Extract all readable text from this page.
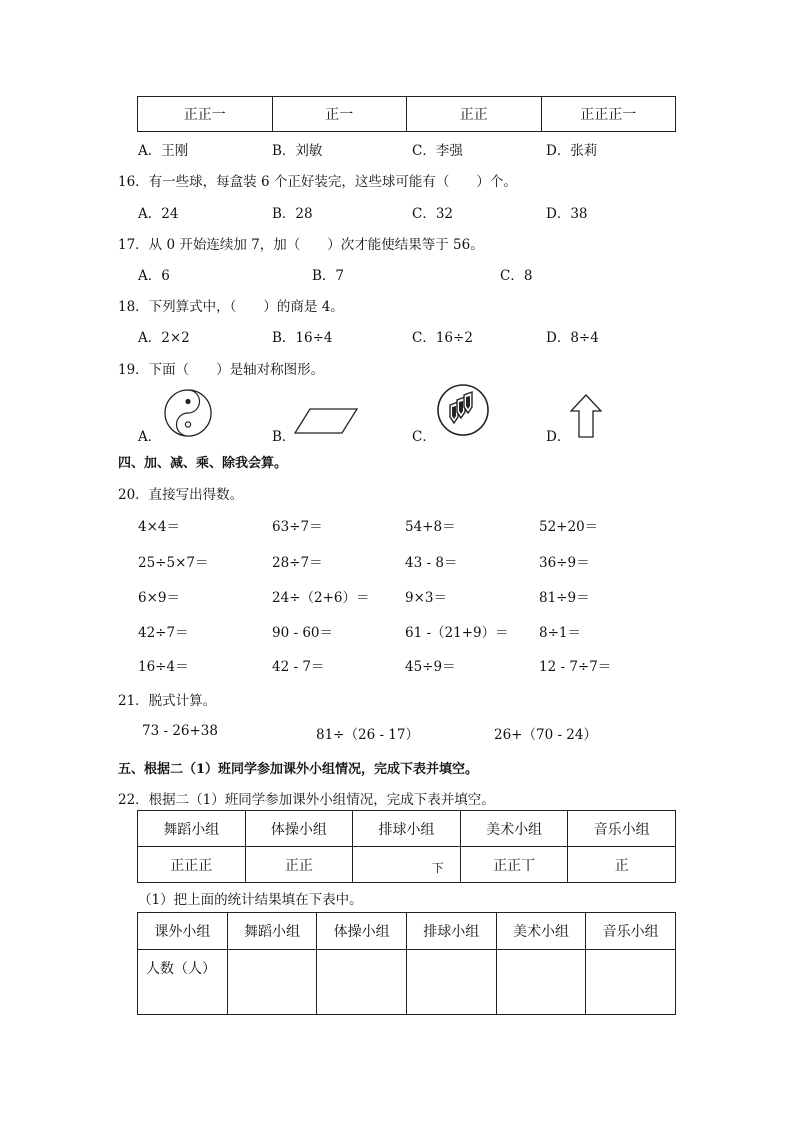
正正一	正一	正正	正正正一
A．王刚	B．刘敏	C．李强	D．张莉
16．有一些球，每盒装 6 个正好装完，这些球可能有（　　）个。
A．24	B．28	C．32	D．38
17．从 0 开始连续加 7，加（　　）次才能使结果等于 56。
A．6	B．7	C．8
18．下列算式中，（　　）的商是 4。
A．2×2	B．16÷4	C．16÷2	D．8÷4
19．下面（　　）是轴对称图形。
A．	B．	C．	D．
四、加、减、乘、除我会算。
20．直接写出得数。
4×4＝	63÷7＝	54+8＝	52+20＝
25÷5×7＝	28÷7＝	43 - 8＝	36÷9＝
6×9＝	24÷（2+6）＝	9×3＝	81÷9＝
42÷7＝	90 - 60＝	61 -（21+9）＝ 8÷1＝
16÷4＝	42 - 7＝	45÷9＝	12 - 7÷7＝
21．脱式计算。
73 - 26+38	81÷（26 - 17）	26+（70 - 24）
五、根据二（1）班同学参加课外小组情况，完成下表并填空。
22．根据二（1）班同学参加课外小组情况，完成下表并填空。
舞蹈小组	体操小组	排球小组	美术小组	音乐小组
正正正	正正	下	正正丅	正
（1）把上面的统计结果填在下表中。
课外小组	舞蹈小组	体操小组	排球小组	美术小组	音乐小组
人数（人）					
